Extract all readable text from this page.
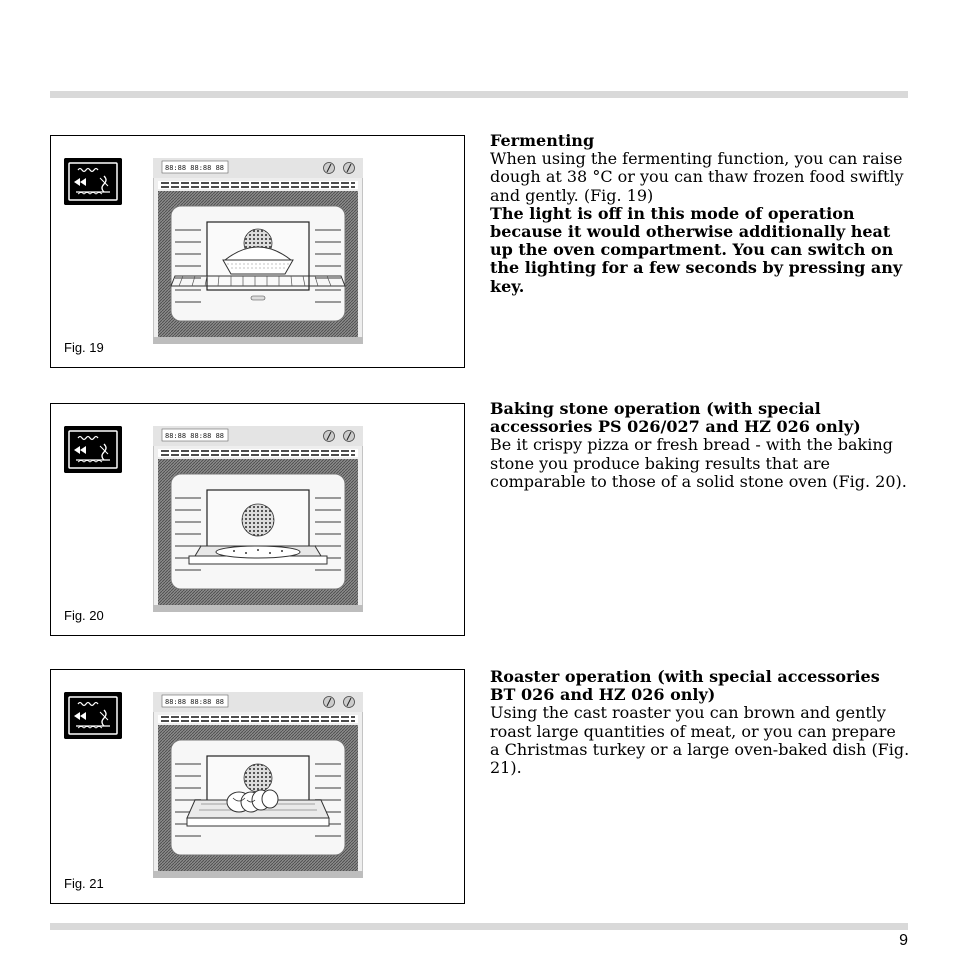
Fig. 19
Fermenting
When using the fermenting function, you can raise dough at 38 °C or you can thaw frozen food swiftly and gently. (Fig. 19)
The light is off in this mode of operation because it would otherwise additionally heat up the oven compartment. You can switch on the lighting for a few seconds by pressing any key.
Fig. 20
Baking stone operation (with special accessories PS 026/027 and HZ 026 only)
Be it crispy pizza or fresh bread - with the baking stone you produce baking results that are comparable to those of a solid stone oven (Fig. 20).
Fig. 21
Roaster operation (with special accessories BT 026 and HZ 026 only)
Using the cast roaster you can brown and gently roast large quantities of meat, or you can prepare a Christmas turkey or a large oven-baked dish (Fig. 21).
9
